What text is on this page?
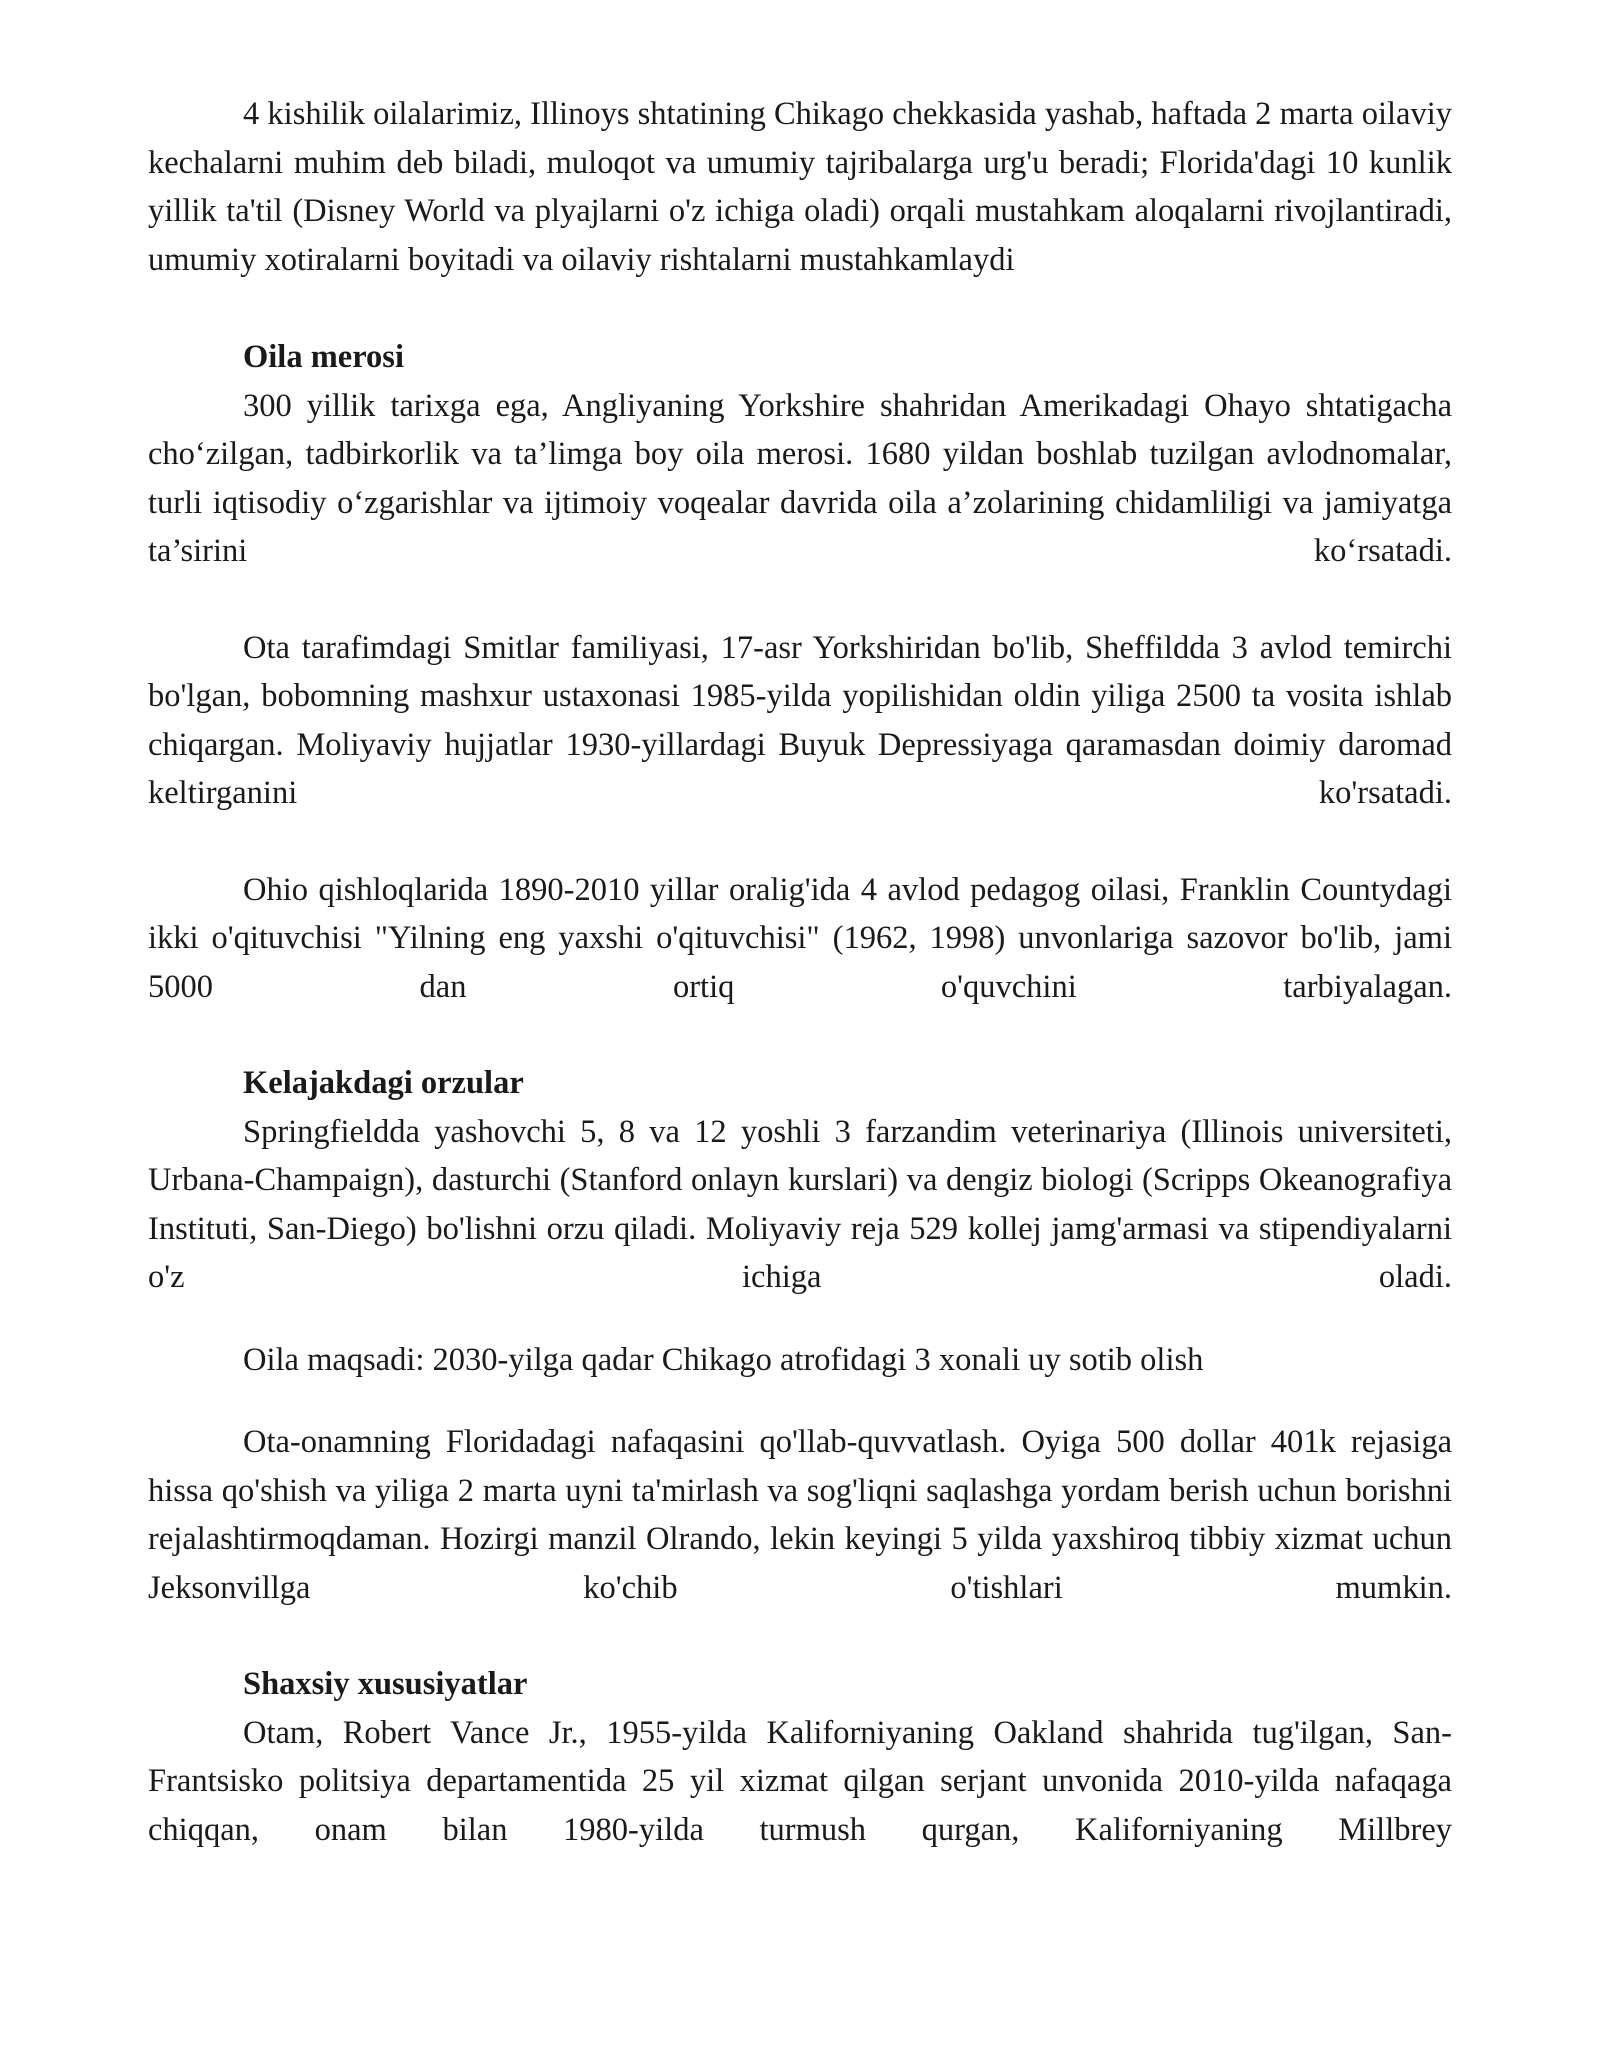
4 kishilik oilalarimiz, Illinoys shtatining Chikago chekkasida yashab, haftada 2 marta oilaviy kechalarni muhim deb biladi, muloqot va umumiy tajribalarga urg'u beradi; Florida'dagi 10 kunlik yillik ta'til (Disney World va plyajlarni o'z ichiga oladi) orqali mustahkam aloqalarni rivojlantiradi, umumiy xotiralarni boyitadi va oilaviy rishtalarni mustahkamlaydi

Oila merosi

300 yillik tarixga ega, Angliyaning Yorkshire shahridan Amerikadagi Ohayo shtatigacha cho‘zilgan, tadbirkorlik va ta’limga boy oila merosi. 1680 yildan boshlab tuzilgan avlodnomalar, turli iqtisodiy o‘zgarishlar va ijtimoiy voqealar davrida oila a’zolarining chidamliligi va jamiyatga ta’sirini ko‘rsatadi.

Ota tarafimdagi Smitlar familiyasi, 17-asr Yorkshiridan bo'lib, Sheffildda 3 avlod temirchi bo'lgan, bobomning mashxur ustaxonasi 1985-yilda yopilishidan oldin yiliga 2500 ta vosita ishlab chiqargan. Moliyaviy hujjatlar 1930-yillardagi Buyuk Depressiyaga qaramasdan doimiy daromad keltirganini ko'rsatadi.

Ohio qishloqlarida 1890-2010 yillar oralig'ida 4 avlod pedagog oilasi, Franklin Countydagi ikki o'qituvchisi "Yilning eng yaxshi o'qituvchisi" (1962, 1998) unvonlariga sazovor bo'lib, jami 5000 dan ortiq o'quvchini tarbiyalagan.

Kelajakdagi orzular

Springfieldda yashovchi 5, 8 va 12 yoshli 3 farzandim veterinariya (Illinois universiteti, Urbana-Champaign), dasturchi (Stanford onlayn kurslari) va dengiz biologi (Scripps Okeanografiya Instituti, San-Diego) bo'lishni orzu qiladi. Moliyaviy reja 529 kollej jamg'armasi va stipendiyalarni o'z ichiga oladi.

Oila maqsadi: 2030-yilga qadar Chikago atrofidagi 3 xonali uy sotib olish

Ota-onamning Floridadagi nafaqasini qo'llab-quvvatlash. Oyiga 500 dollar 401k rejasiga hissa qo'shish va yiliga 2 marta uyni ta'mirlash va sog'liqni saqlashga yordam berish uchun borishni rejalashtirmoqdaman. Hozirgi manzil Olrando, lekin keyingi 5 yilda yaxshiroq tibbiy xizmat uchun Jeksonvillga ko'chib o'tishlari mumkin.

Shaxsiy xususiyatlar

Otam, Robert Vance Jr., 1955-yilda Kaliforniyaning Oakland shahrida tug'ilgan, San-Frantsisko politsiya departamentida 25 yil xizmat qilgan serjant unvonida 2010-yilda nafaqaga chiqqan, onam bilan 1980-yilda turmush qurgan, Kaliforniyaning Millbrey
